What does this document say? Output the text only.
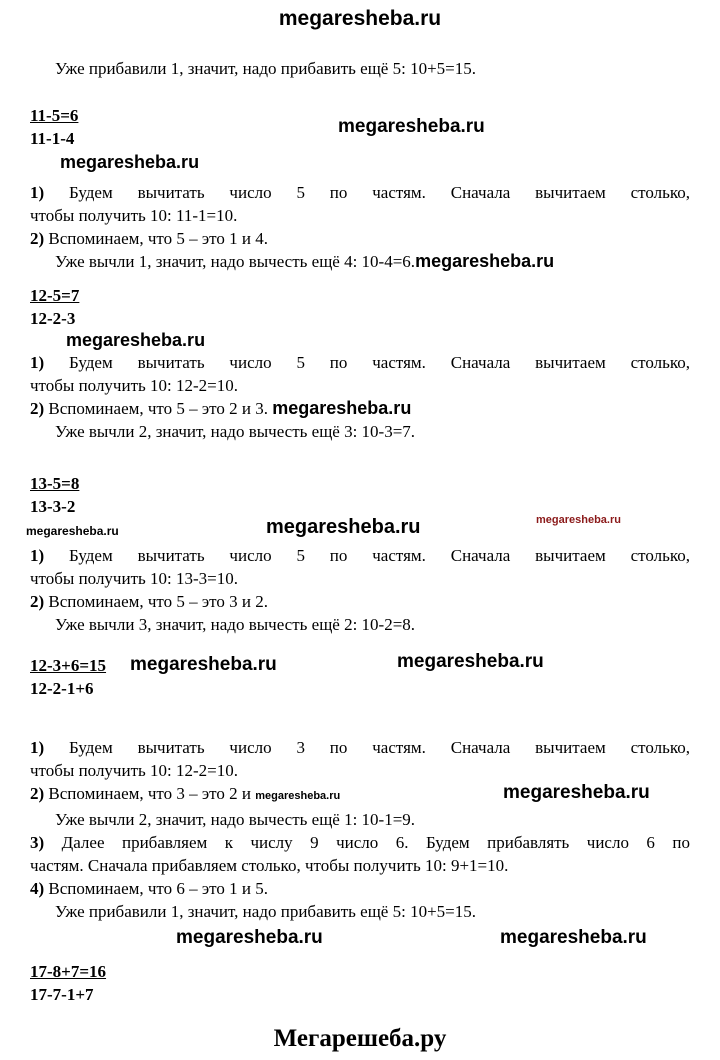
megaresheba.ru

Уже прибавили 1, значит, надо прибавить ещё 5: 10+5=15.

11-5=6
11-1-4
1) Будем вычитать число 5 по частям. Сначала вычитаем столько,
чтобы получить 10: 11-1=10.
2) Вспоминаем, что 5 – это 1 и 4.
Уже вычли 1, значит, надо вычесть ещё 4: 10-4=6.megaresheba.ru
12-5=7
12-2-3
1) Будем вычитать число 5 по частям. Сначала вычитаем столько,
чтобы получить 10: 12-2=10.
2) Вспоминаем, что 5 – это 2 и 3. megaresheba.ru
Уже вычли 2, значит, надо вычесть ещё 3: 10-3=7.
13-5=8
13-3-2
1) Будем вычитать число 5 по частям. Сначала вычитаем столько,
чтобы получить 10: 13-3=10.
2) Вспоминаем, что 5 – это 3 и 2.
Уже вычли 3, значит, надо вычесть ещё 2: 10-2=8.
12-3+6=15
12-2-1+6
1) Будем вычитать число 3 по частям. Сначала вычитаем столько,
чтобы получить 10: 12-2=10.
2) Вспоминаем, что 3 – это 2 и megaresheba.ru
Уже вычли 2, значит, надо вычесть ещё 1: 10-1=9.
3) Далее прибавляем к числу 9 число 6. Будем прибавлять число 6 по
частям. Сначала прибавляем столько, чтобы получить 10: 9+1=10.
4) Вспоминаем, что 6 – это 1 и 5.
Уже прибавили 1, значит, надо прибавить ещё 5: 10+5=15.
17-8+7=16
17-7-1+7
Мегарешеба.ру
megaresheba.ru
megaresheba.ru
megaresheba.ru
megaresheba.ru	megaresheba.ru
megaresheba.ru
megaresheba.ru	megaresheba.ru
megaresheba.ru
megaresheba.ru	megaresheba.ru
